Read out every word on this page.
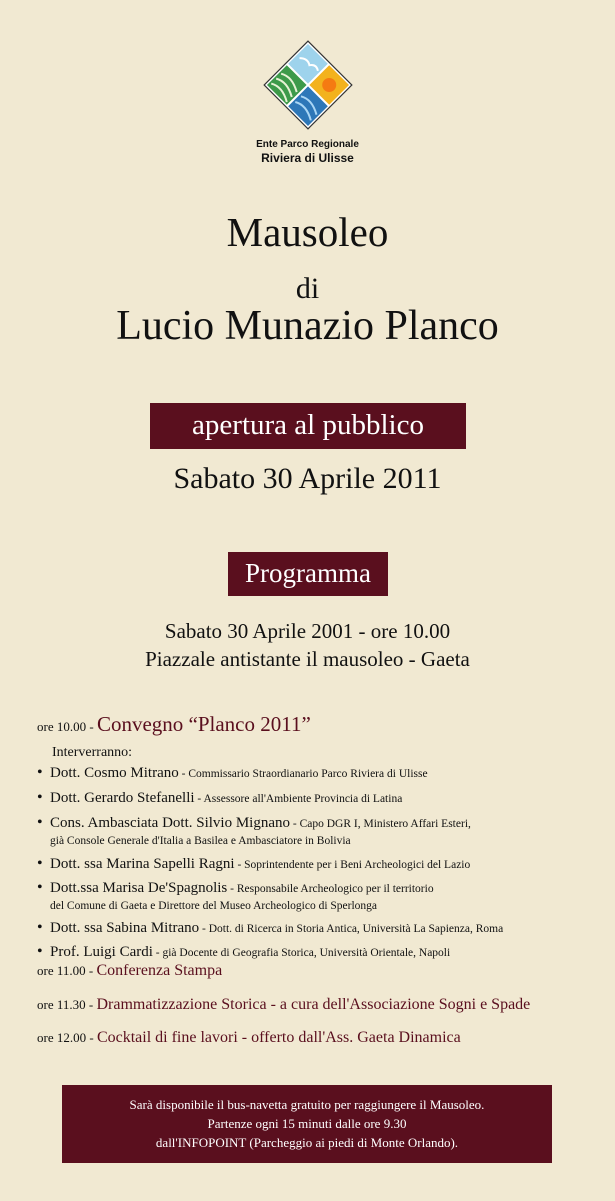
Ente Parco Regionale
Riviera di Ulisse
Mausoleo
di
Lucio Munazio Planco
apertura al pubblico
Sabato 30 Aprile 2011
Programma
Sabato 30 Aprile 2001 - ore 10.00
Piazzale antistante il mausoleo - Gaeta
ore 10.00 - Convegno “Planco 2011”
Interverranno:
• Dott. Cosmo Mitrano - Commissario Straordianario Parco Riviera di Ulisse
• Dott. Gerardo Stefanelli - Assessore all'Ambiente Provincia di Latina
• Cons. Ambasciata Dott. Silvio Mignano - Capo DGR I, Ministero Affari Esteri,
già Console Generale d'Italia a Basilea e Ambasciatore in Bolivia
• Dott. ssa Marina Sapelli Ragni - Soprintendente per i Beni Archeologici del Lazio
• Dott.ssa Marisa De'Spagnolis - Responsabile Archeologico per il territorio
del Comune di Gaeta e Direttore del Museo Archeologico di Sperlonga
• Dott. ssa Sabina Mitrano - Dott. di Ricerca in Storia Antica, Università La Sapienza, Roma
• Prof. Luigi Cardi - già Docente di Geografia Storica, Università Orientale, Napoli
ore 11.00 - Conferenza Stampa
ore 11.30 - Drammatizzazione Storica - a cura dell'Associazione Sogni e Spade
ore 12.00 - Cocktail di fine lavori - offerto dall'Ass. Gaeta Dinamica
Sarà disponibile il bus-navetta gratuito per raggiungere il Mausoleo.
Partenze ogni 15 minuti dalle ore 9.30
dall'INFOPOINT (Parcheggio ai piedi di Monte Orlando).
